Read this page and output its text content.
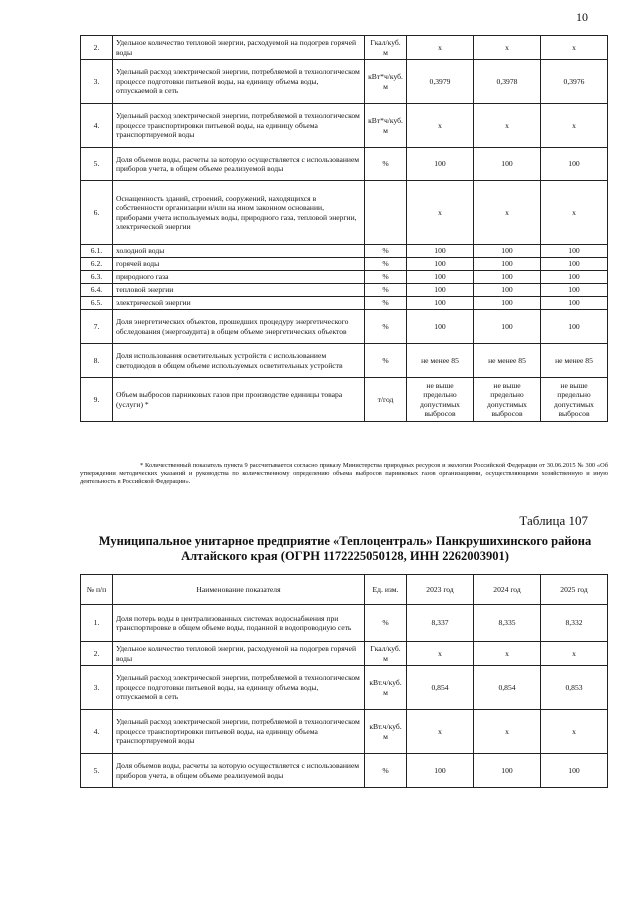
10
2.	Удельное количество тепловой энергии, расходуемой на подогрев горячей воды	Гкал/куб. м	х	х	х
3.	Удельный расход электрической энергии, потребляемой в технологическом процессе подготовки питьевой воды, на единицу объема воды, отпускаемой в сеть	кВт*ч/куб. м	0,3979	0,3978	0,3976
4.	Удельный расход электрической энергии, потребляемой в технологическом процессе транспортировки питьевой воды, на единицу объема транспортируемой воды	кВт*ч/куб. м	х	х	х
5.	Доля объемов воды, расчеты за которую осуществляется с использованием приборов учета, в общем объеме реализуемой воды	%	100	100	100
6.	Оснащенность зданий, строений, сооружений, находящихся в собственности организации и/или на ином законном основании, приборами учета используемых воды, природного газа, тепловой энергии, электрической энергии		х	х	х
6.1.	холодной воды	%	100	100	100
6.2.	горячей воды	%	100	100	100
6.3.	природного газа	%	100	100	100
6.4.	тепловой энергии	%	100	100	100
6.5.	электрической энергии	%	100	100	100
7.	Доля энергетических объектов, прошедших процедуру энергетического обследования (энергоаудита) в общем объеме энергетических объектов	%	100	100	100
8.	Доля использования осветительных устройств с использованием светодиодов в общем объеме используемых осветительных устройств	%	не менее 85	не менее 85	не менее 85
9.	Объем выбросов парниковых газов при производстве единицы товара (услуги) *	т/год	не выше предельно допустимых выбросов	не выше предельно допустимых выбросов	не выше предельно допустимых выбросов
* Количественный показатель пункта 9 рассчитывается согласно приказу Министерства природных ресурсов и экологии Российской Федерации от 30.06.2015 № 300 «Об утверждении методических указаний и руководства по количественному определению объема выбросов парниковых газов организациями, осуществляющими хозяйственную и иную деятельность в Российской Федерации».
Таблица 107
Муниципальное унитарное предприятие «Теплоцентраль» Панкрушихинского района Алтайского края (ОГРН 1172225050128, ИНН 2262003901)
№ п/п	Наименование показателя	Ед. изм.	2023 год	2024 год	2025 год
1.	Доля потерь воды в централизованных системах водоснабжения при транспортировке в общем объеме воды, поданной в водопроводную сеть	%	8,337	8,335	8,332
2.	Удельное количество тепловой энергии, расходуемой на подогрев горячей воды	Гкал/куб. м	х	х	х
3.	Удельный расход электрической энергии, потребляемой в технологическом процессе подготовки питьевой воды, на единицу объема воды, отпускаемой в сеть	кВт.ч/куб. м	0,854	0,854	0,853
4.	Удельный расход электрической энергии, потребляемой в технологическом процессе транспортировки питьевой воды, на единицу объема транспортируемой воды	кВт.ч/куб. м	х	х	х
5.	Доля объемов воды, расчеты за которую осуществляется с использованием приборов учета, в общем объеме реализуемой воды	%	100	100	100
